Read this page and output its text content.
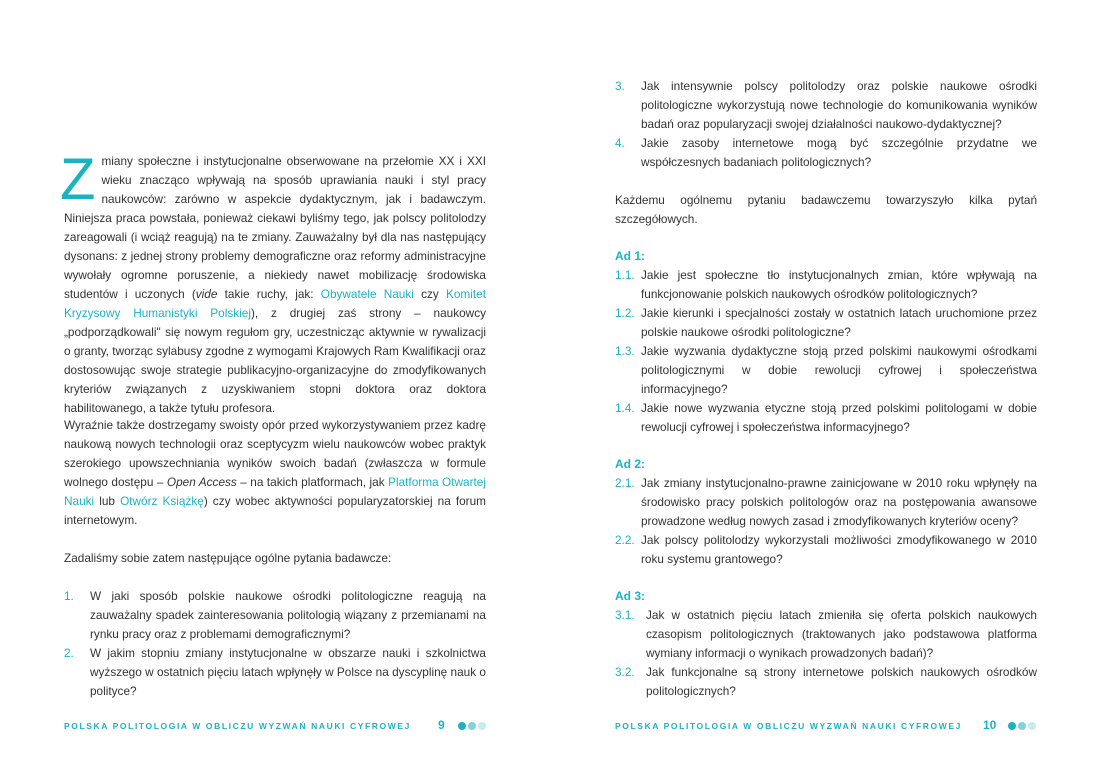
Zmiany społeczne i instytucjonalne obserwowane na przełomie XX i XXI wieku znacząco wpływają na sposób uprawiania nauki i styl pracy naukowców: zarówno w aspekcie dydaktycznym, jak i badawczym. Niniejsza praca powstała, ponieważ ciekawi byliśmy tego, jak polscy politolodzy zareagowali (i wciąż reagują) na te zmiany. Zauważalny był dla nas następujący dysonans: z jednej strony problemy demograficzne oraz reformy administracyjne wywołały ogromne poruszenie, a niekiedy nawet mobilizację środowiska studentów i uczonych (vide takie ruchy, jak: Obywatele Nauki czy Komitet Kryzysowy Humanistyki Polskiej), z drugiej zaś strony – naukowcy „podporządkowali" się nowym regułom gry, uczestnicząc aktywnie w rywalizacji o granty, tworząc sylabusy zgodne z wymogami Krajowych Ram Kwalifikacji oraz dostosowując swoje strategie publikacyjno-organizacyjne do zmodyfikowanych kryteriów związanych z uzyskiwaniem stopni doktora oraz doktora habilitowanego, a także tytułu profesora.
Wyraźnie także dostrzegamy swoisty opór przed wykorzystywaniem przez kadrę naukową nowych technologii oraz sceptycyzm wielu naukowców wobec praktyk szerokiego upowszechniania wyników swoich badań (zwłaszcza w formule wolnego dostępu – Open Access – na takich platformach, jak Platforma Otwartej Nauki lub Otwórz Książkę) czy wobec aktywności popularyzatorskiej na forum internetowym.

Zadaliśmy sobie zatem następujące ogólne pytania badawcze:

1. W jaki sposób polskie naukowe ośrodki politologiczne reagują na zauważalny spadek zainteresowania politologią wiązany z przemianami na rynku pracy oraz z problemami demograficznymi?

2. W jakim stopniu zmiany instytucjonalne w obszarze nauki i szkolnictwa wyższego w ostatnich pięciu latach wpłynęły w Polsce na dyscyplinę nauk o polityce?

POLSKA POLITOLOGIA W OBLICZU WYZWAŃ NAUKI CYFROWEJ 9
3. Jak intensywnie polscy politolodzy oraz polskie naukowe ośrodki politologiczne wykorzystują nowe technologie do komunikowania wyników badań oraz popularyzacji swojej działalności naukowo-dydaktycznej?

4. Jakie zasoby internetowe mogą być szczególnie przydatne we współczesnych badaniach politologicznych?

Każdemu ogólnemu pytaniu badawczemu towarzyszyło kilka pytań szczegółowych.

Ad 1:
1.1. Jakie jest społeczne tło instytucjonalnych zmian, które wpływają na funkcjonowanie polskich naukowych ośrodków politologicznych?

1.2. Jakie kierunki i specjalności zostały w ostatnich latach uruchomione przez polskie naukowe ośrodki politologiczne?

1.3. Jakie wyzwania dydaktyczne stoją przed polskimi naukowymi ośrodkami politologicznymi w dobie rewolucji cyfrowej i społeczeństwa informacyjnego?

1.4. Jakie nowe wyzwania etyczne stoją przed polskimi politologami w dobie rewolucji cyfrowej i społeczeństwa informacyjnego?

Ad 2:
2.1. Jak zmiany instytucjonalno-prawne zainicjowane w 2010 roku wpłynęły na środowisko pracy polskich politologów oraz na postępowania awansowe prowadzone według nowych zasad i zmodyfikowanych kryteriów oceny?

2.2. Jak polscy politolodzy wykorzystali możliwości zmodyfikowanego w 2010 roku systemu grantowego?

Ad 3:
3.1. Jak w ostatnich pięciu latach zmieniła się oferta polskich naukowych czasopism politologicznych (traktowanych jako podstawowa platforma wymiany informacji o wynikach prowadzonych badań)?

3.2. Jak funkcjonalne są strony internetowe polskich naukowych ośrodków politologicznych?

POLSKA POLITOLOGIA W OBLICZU WYZWAŃ NAUKI CYFROWEJ 10
